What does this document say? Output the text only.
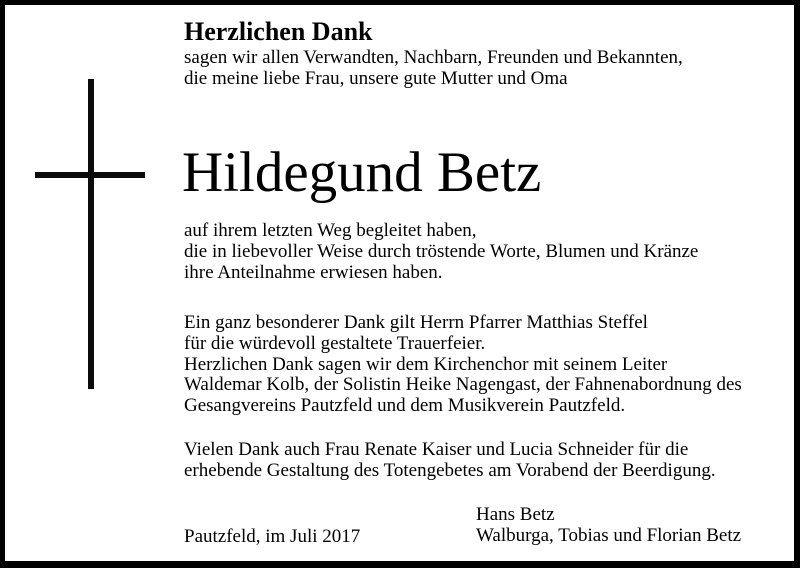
Herzlichen Dank
sagen wir allen Verwandten, Nachbarn, Freunden und Bekannten,
die meine liebe Frau, unsere gute Mutter und Oma
Hildegund Betz
auf ihrem letzten Weg begleitet haben,
die in liebevoller Weise durch tröstende Worte, Blumen und Kränze
ihre Anteilnahme erwiesen haben.
Ein ganz besonderer Dank gilt Herrn Pfarrer Matthias Steffel
für die würdevoll gestaltete Trauerfeier.
Herzlichen Dank sagen wir dem Kirchenchor mit seinem Leiter
Waldemar Kolb, der Solistin Heike Nagengast, der Fahnenabordnung des
Gesangvereins Pautzfeld und dem Musikverein Pautzfeld.
Vielen Dank auch Frau Renate Kaiser und Lucia Schneider für die
erhebende Gestaltung des Totengebetes am Vorabend der Beerdigung.
Pautzfeld, im Juli 2017
Hans Betz
Walburga, Tobias und Florian Betz
